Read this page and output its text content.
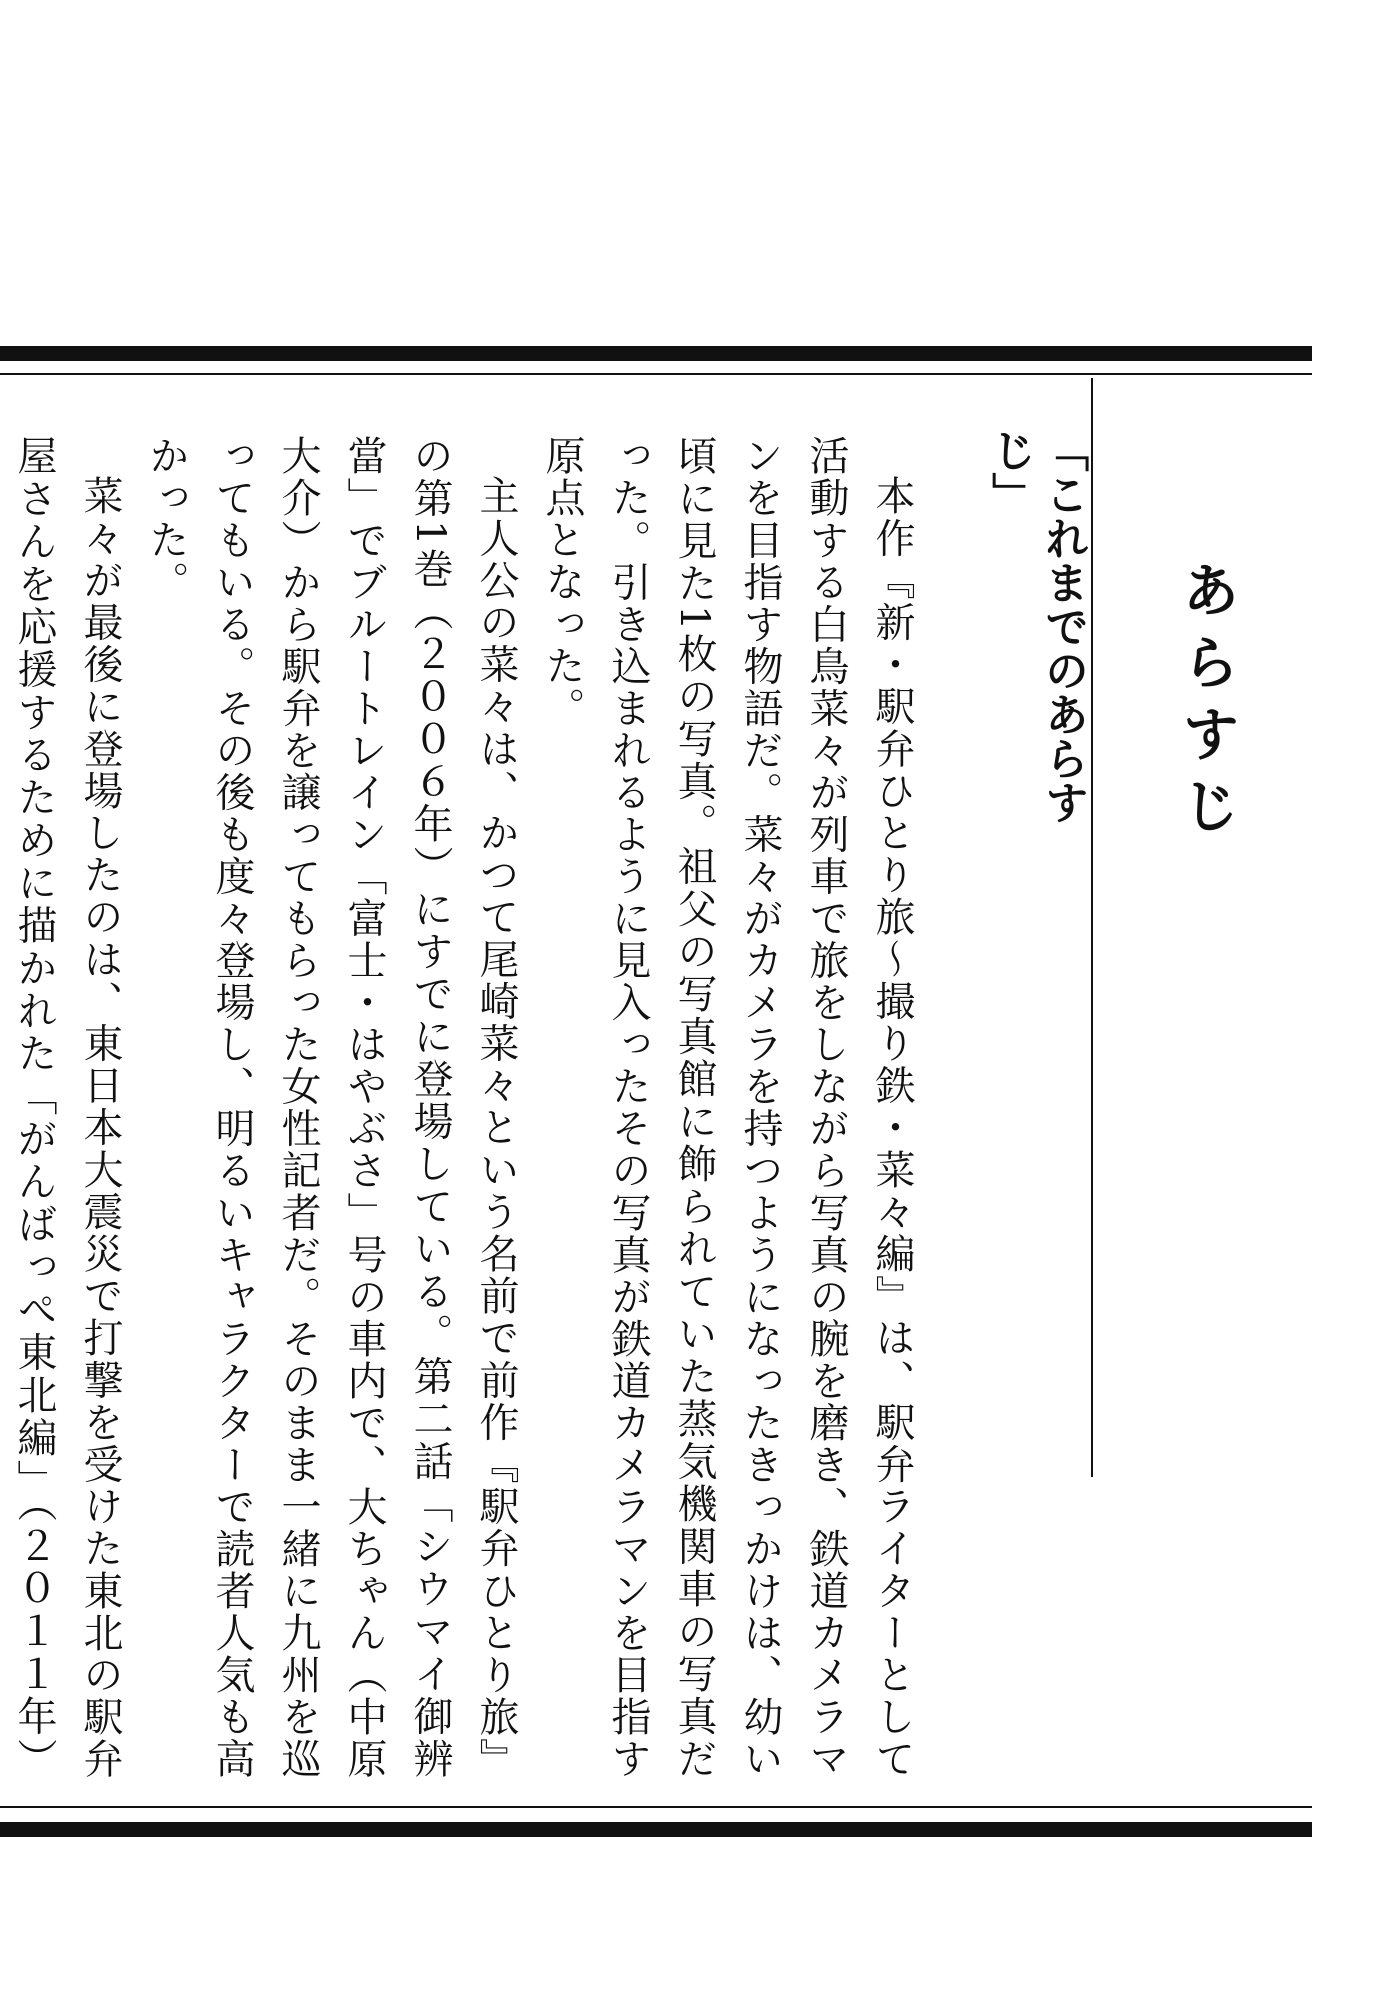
あらすじ
「これまでのあらすじ」

本作『新・駅弁ひとり旅〜撮り鉄・菜々編』は、駅弁ライターとして活動する白鳥菜々が列車で旅をしながら写真の腕を磨き、鉄道カメラマンを目指す物語だ。菜々がカメラを持つようになったきっかけは、幼い頃に見た1枚の写真。祖父の写真館に飾られていた蒸気機関車の写真だった。引き込まれるように見入ったその写真が鉄道カメラマンを目指す原点となった。

主人公の菜々は、かつて尾崎菜々という名前で前作『駅弁ひとり旅』の第1巻（２００６年）にすでに登場している。第二話「シウマイ御辨當」でブルートレイン「富士・はやぶさ」号の車内で、大ちゃん（中原大介）から駅弁を譲ってもらった女性記者だ。そのまま一緒に九州を巡ってもいる。その後も度々登場し、明るいキャラクターで読者人気も高かった。

菜々が最後に登場したのは、東日本大震災で打撃を受けた東北の駅弁屋さんを応援するために描かれた「がんばっぺ東北編」（２０１１年）
